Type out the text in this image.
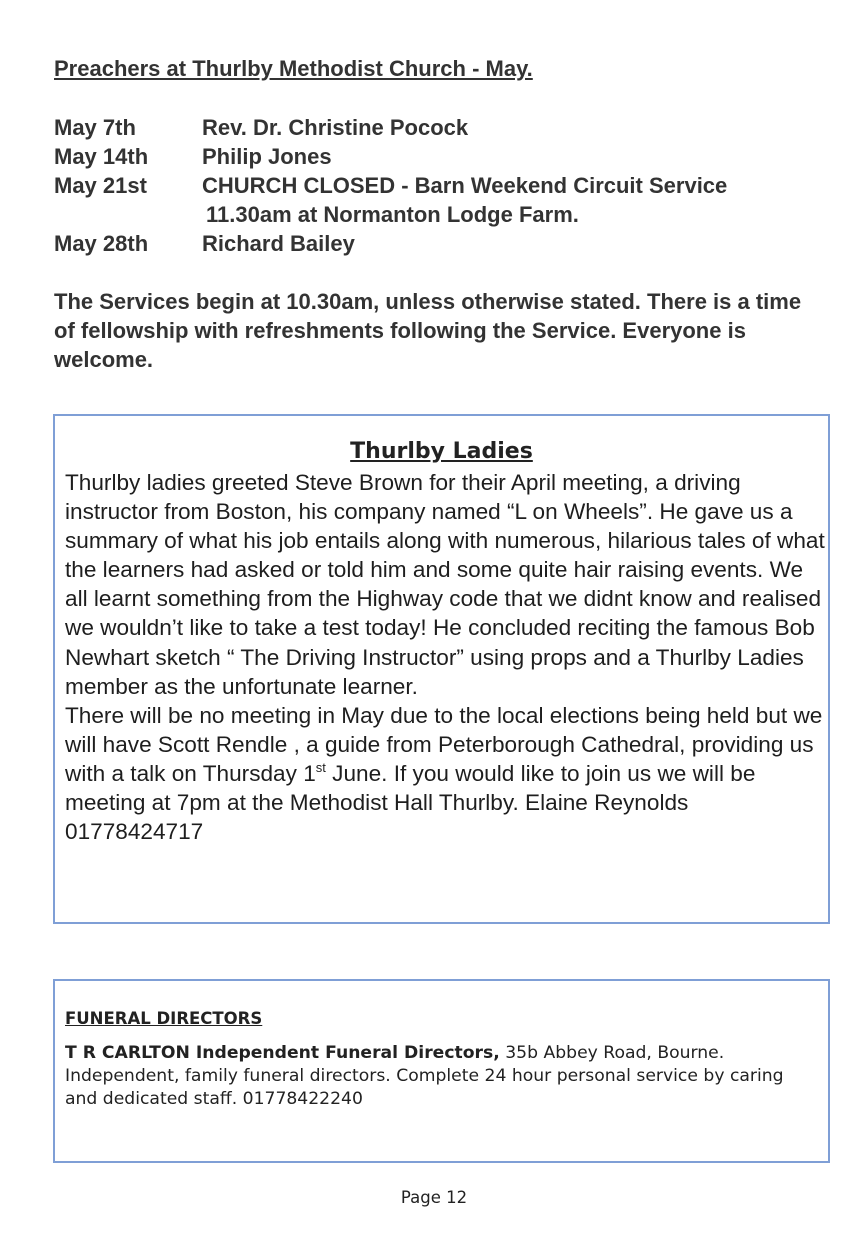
Preachers at Thurlby Methodist Church - May.
May 7th	Rev. Dr. Christine Pocock
May 14th	Philip Jones
May 21st	CHURCH CLOSED - Barn Weekend Circuit Service
11.30am at Normanton Lodge Farm.
May 28th	Richard Bailey

The Services begin at 10.30am, unless otherwise stated. There is a time of fellowship with refreshments following the Service. Everyone is welcome.

Thurlby Ladies

Thurlby ladies greeted Steve Brown for their April meeting, a driving instructor from Boston, his company named “L on Wheels”. He gave us a summary of what his job entails along with numerous, hilarious tales of what the learners had asked or told him and some quite hair raising events. We all learnt something from the Highway code that we didnt know and realised we wouldn’t like to take a test today! He concluded reciting the famous Bob Newhart sketch “ The Driving Instructor” using props and a Thurlby Ladies member as the unfortunate learner.

There will be no meeting in May due to the local elections being held but we will have Scott Rendle , a guide from Peterborough Cathedral, providing us with a talk on Thursday 1st June. If you would like to join us we will be meeting at 7pm at the Methodist Hall Thurlby. Elaine Reynolds 01778424717

FUNERAL DIRECTORS
T R CARLTON Independent Funeral Directors, 35b Abbey Road, Bourne. Independent, family funeral directors. Complete 24 hour personal service by caring and dedicated staff. 01778422240
Page 12
